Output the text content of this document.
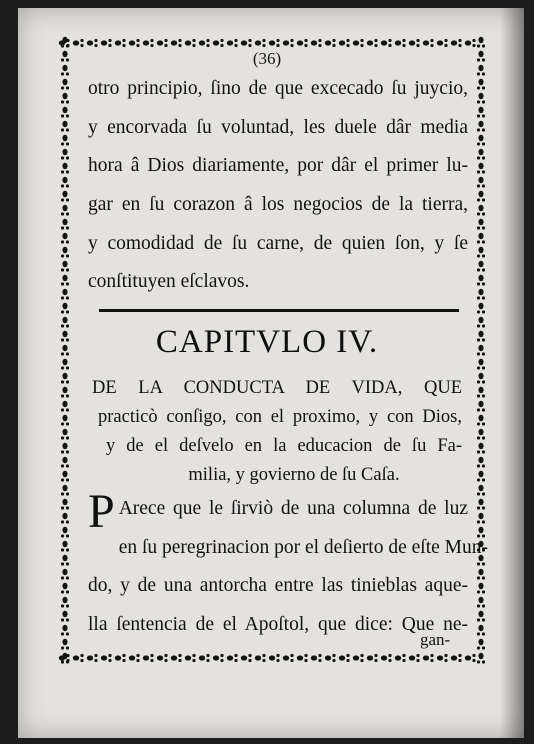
(36)
otro principio, ſino de que excecado ſu juycio,
y encorvada ſu voluntad, les duele dâr media
hora â Dios diariamente, por dâr el primer lu-
gar en ſu corazon â los negocios de la tierra,
y comodidad de ſu carne, de quien ſon, y ſe
conſtituyen eſclavos.
CAPITVLO IV.
DE LA CONDUCTA DE VIDA, QUE
practicò conſigo, con el proximo, y con Dios,
y de el deſvelo en la educacion de ſu Fa-
milia, y govierno de ſu Caſa.
P Arece que le ſirviò de una columna de luz
en ſu peregrinacion por el deſierto de eſte Mun-
do, y de una antorcha entre las tinieblas aque-
lla ſentencia de el Apoſtol, que dice: Que ne-
gan-
